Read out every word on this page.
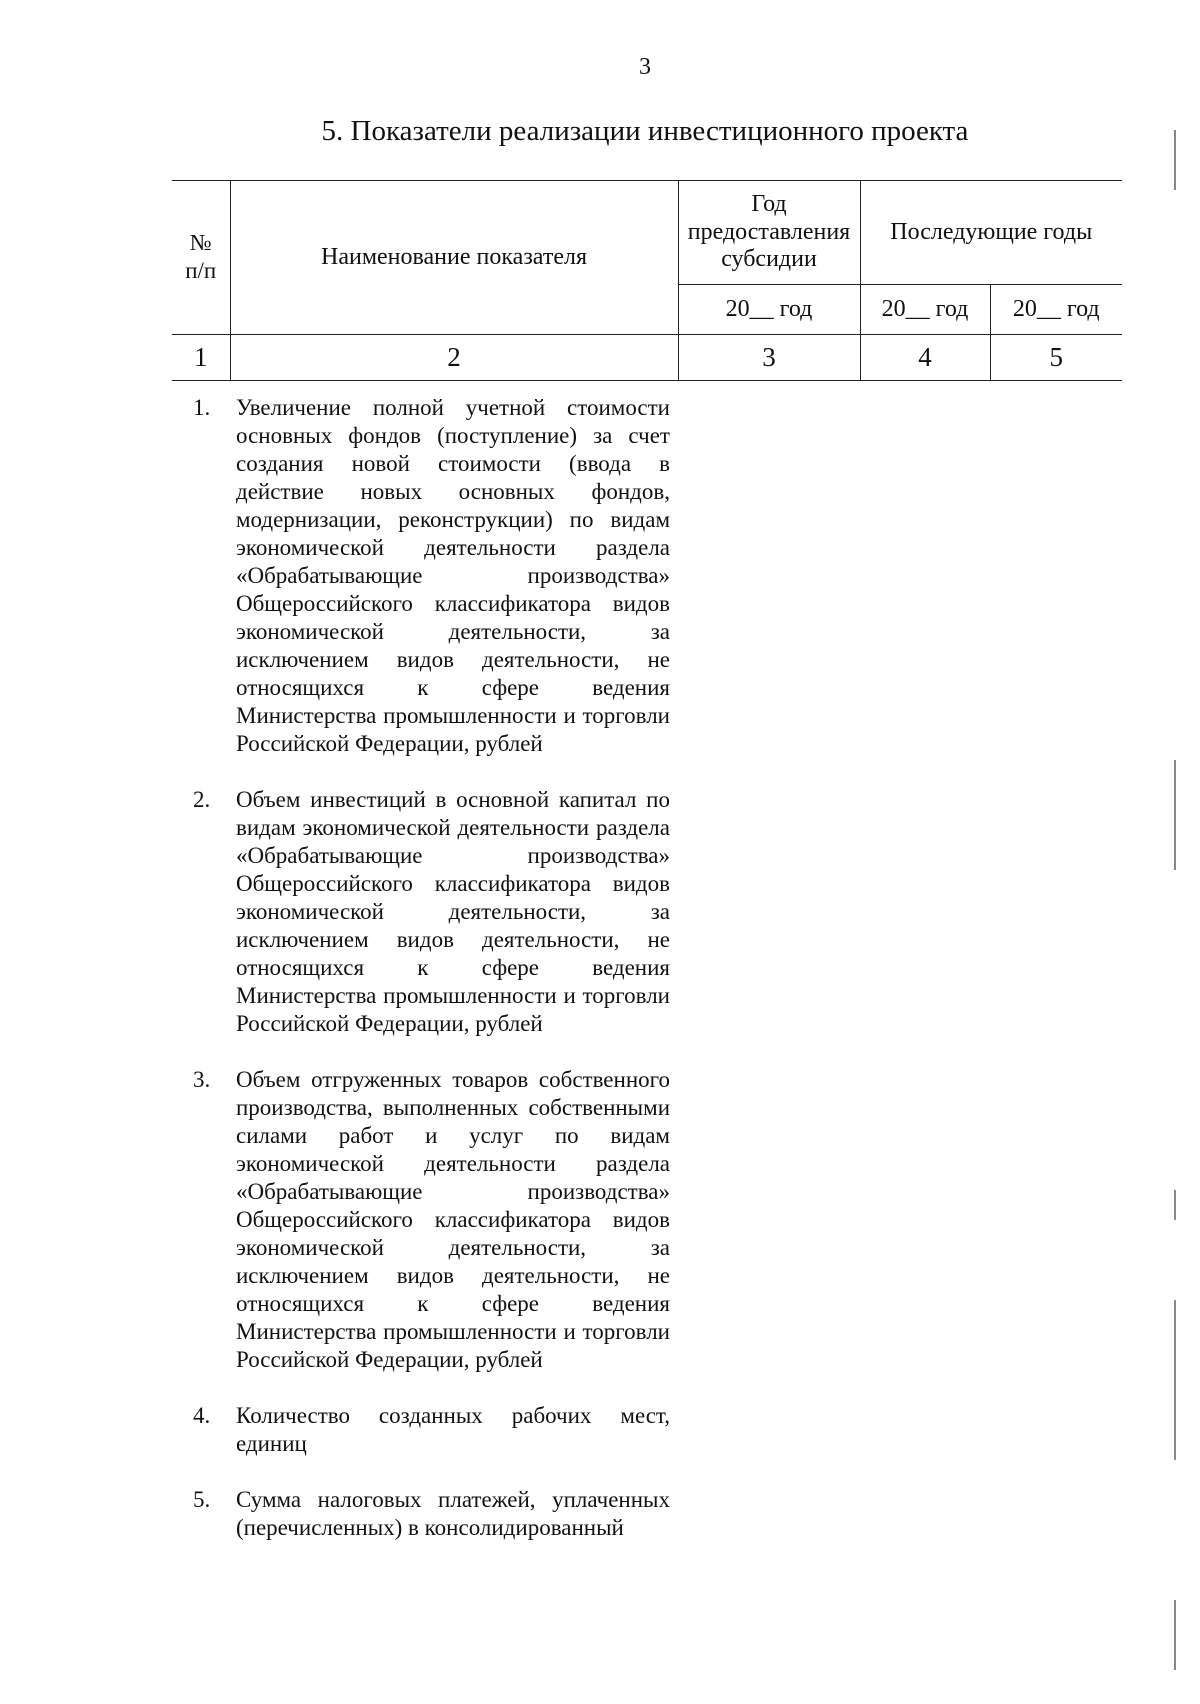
3
5. Показатели реализации инвестиционного проекта
№
п/п	Наименование показателя	Год предоставления субсидии	Последующие годы	
		20__ год	20__ год	20__ год
1	2	3	4	5
1. Увеличение полной учетной стоимости основных фондов (поступление) за счет создания новой стоимости (ввода в действие новых основных фондов, модернизации, реконструкции) по видам экономической деятельности раздела «Обрабатывающие производства» Общероссийского классификатора видов экономической деятельности, за исключением видов деятельности, не относящихся к сфере ведения Министерства промышленности и торговли Российской Федерации, рублей
2. Объем инвестиций в основной капитал по видам экономической деятельности раздела «Обрабатывающие производства» Общероссийского классификатора видов экономической деятельности, за исключением видов деятельности, не относящихся к сфере ведения Министерства промышленности и торговли Российской Федерации, рублей
3. Объем отгруженных товаров собственного производства, выполненных собственными силами работ и услуг по видам экономической деятельности раздела «Обрабатывающие производства» Общероссийского классификатора видов экономической деятельности, за исключением видов деятельности, не относящихся к сфере ведения Министерства промышленности и торговли Российской Федерации, рублей
4. Количество созданных рабочих мест, единиц
5. Сумма налоговых платежей, уплаченных (перечисленных) в консолидированный
